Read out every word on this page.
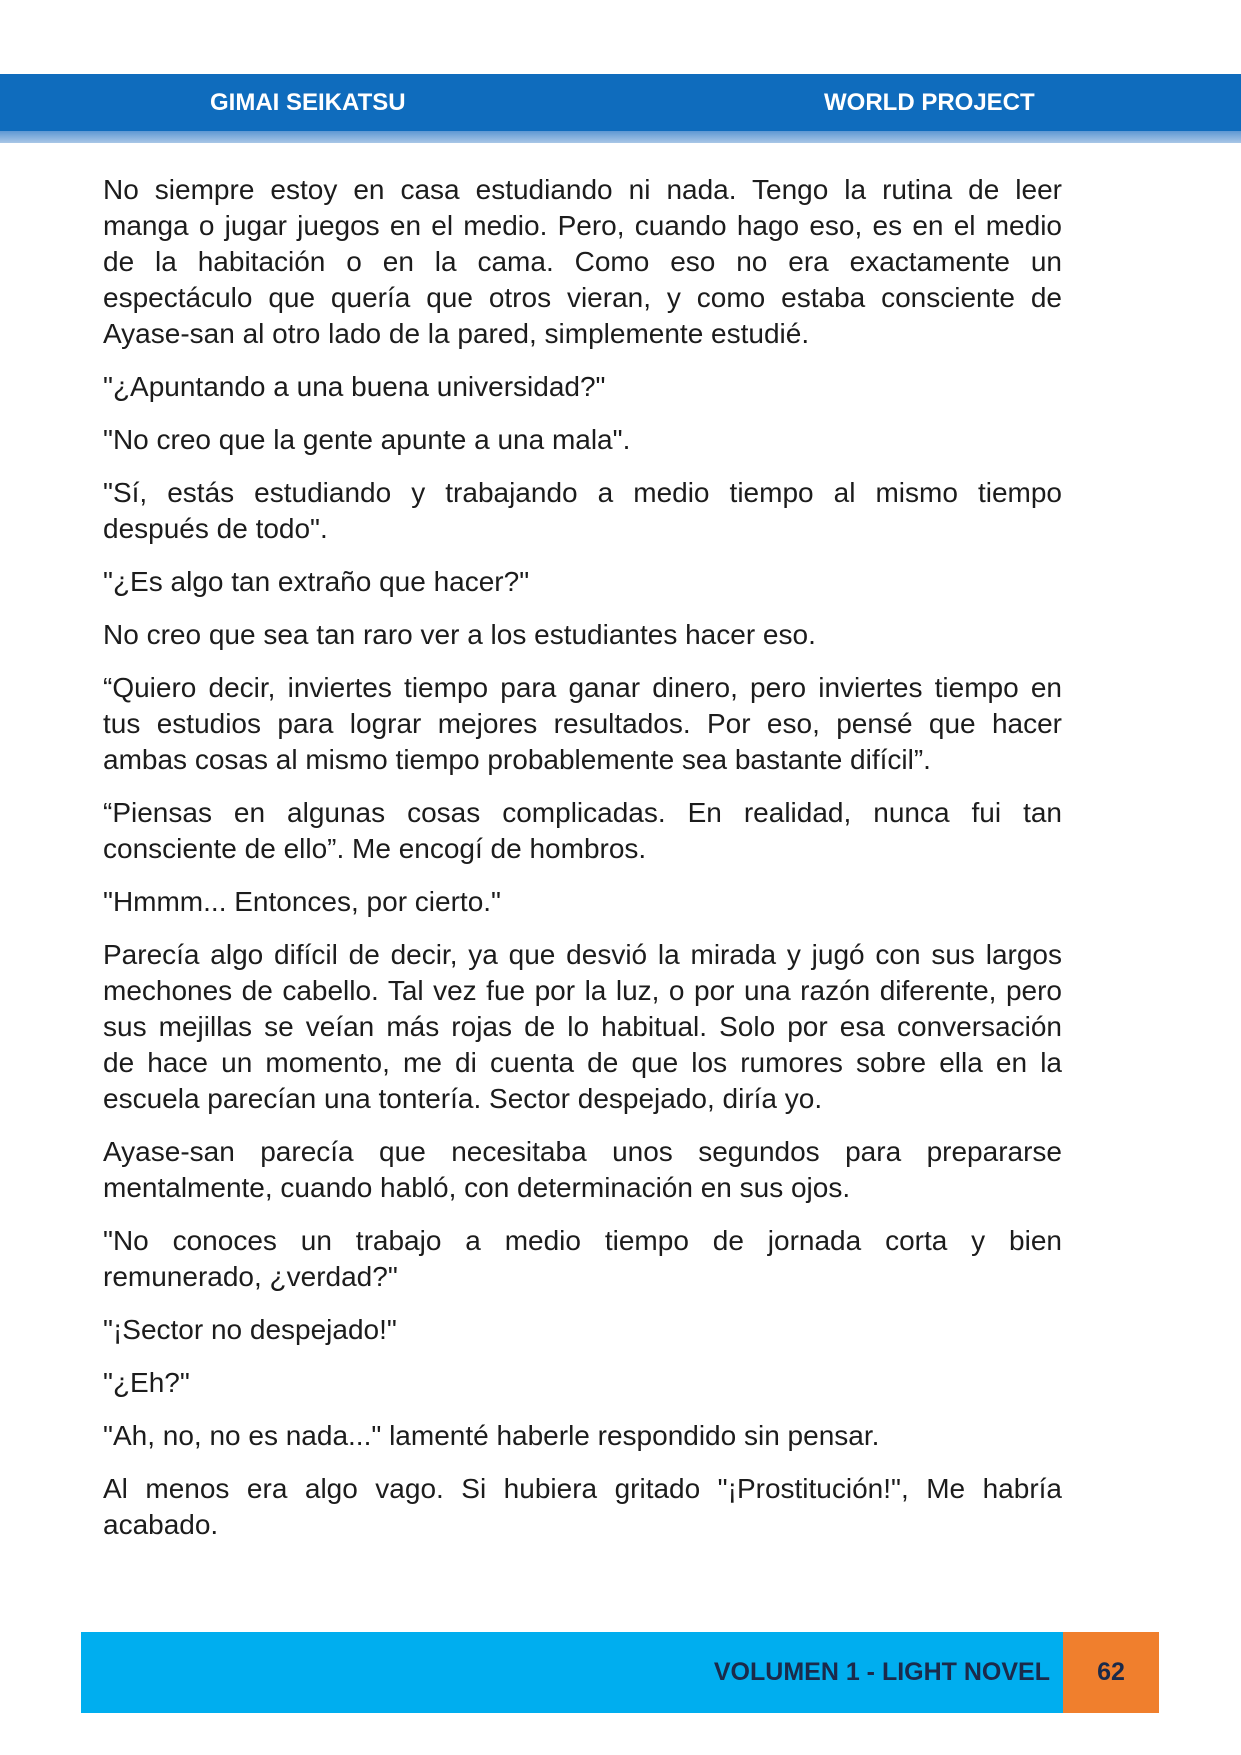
GIMAI SEIKATSU	WORLD PROJECT
No siempre estoy en casa estudiando ni nada. Tengo la rutina de leer
manga o jugar juegos en el medio. Pero, cuando hago eso, es en el medio
de la habitación o en la cama. Como eso no era exactamente un
espectáculo que quería que otros vieran, y como estaba consciente de
Ayase-san al otro lado de la pared, simplemente estudié.
"¿Apuntando a una buena universidad?"
"No creo que la gente apunte a una mala".
"Sí, estás estudiando y trabajando a medio tiempo al mismo tiempo
después de todo".
"¿Es algo tan extraño que hacer?"
No creo que sea tan raro ver a los estudiantes hacer eso.
“Quiero decir, inviertes tiempo para ganar dinero, pero inviertes tiempo en
tus estudios para lograr mejores resultados. Por eso, pensé que hacer
ambas cosas al mismo tiempo probablemente sea bastante difícil”.
“Piensas en algunas cosas complicadas. En realidad, nunca fui tan
consciente de ello”. Me encogí de hombros.
"Hmmm... Entonces, por cierto."
Parecía algo difícil de decir, ya que desvió la mirada y jugó con sus largos
mechones de cabello. Tal vez fue por la luz, o por una razón diferente, pero
sus mejillas se veían más rojas de lo habitual. Solo por esa conversación
de hace un momento, me di cuenta de que los rumores sobre ella en la
escuela parecían una tontería. Sector despejado, diría yo.
Ayase-san parecía que necesitaba unos segundos para prepararse
mentalmente, cuando habló, con determinación en sus ojos.
"No conoces un trabajo a medio tiempo de jornada corta y bien
remunerado, ¿verdad?"
"¡Sector no despejado!"
"¿Eh?"
"Ah, no, no es nada..." lamenté haberle respondido sin pensar.
Al menos era algo vago. Si hubiera gritado "¡Prostitución!", Me habría
acabado.
VOLUMEN 1 - LIGHT NOVEL	62
